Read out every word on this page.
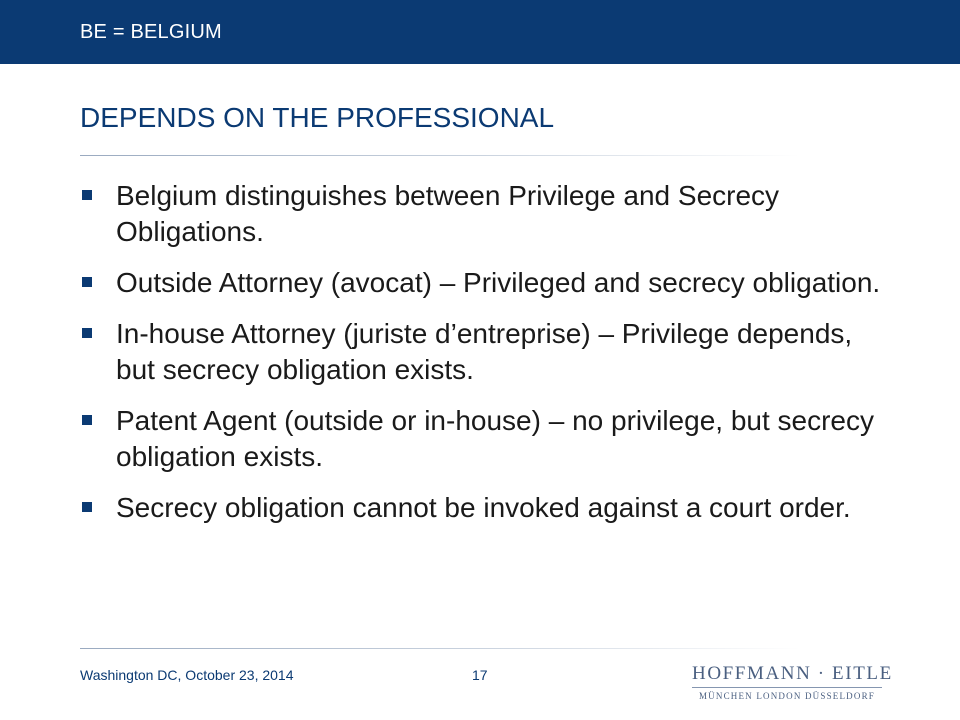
BE = BELGIUM
DEPENDS ON THE PROFESSIONAL
Belgium distinguishes between Privilege and Secrecy Obligations.
Outside Attorney (avocat) – Privileged and secrecy obligation.
In-house Attorney (juriste d’entreprise) – Privilege depends, but secrecy obligation exists.
Patent Agent (outside or in-house) – no privilege, but secrecy obligation exists.
Secrecy obligation cannot be invoked against a court order.
Washington DC, October 23, 2014	17	HOFFMANN · EITLE
MÜNCHEN LONDON DÜSSELDORF
